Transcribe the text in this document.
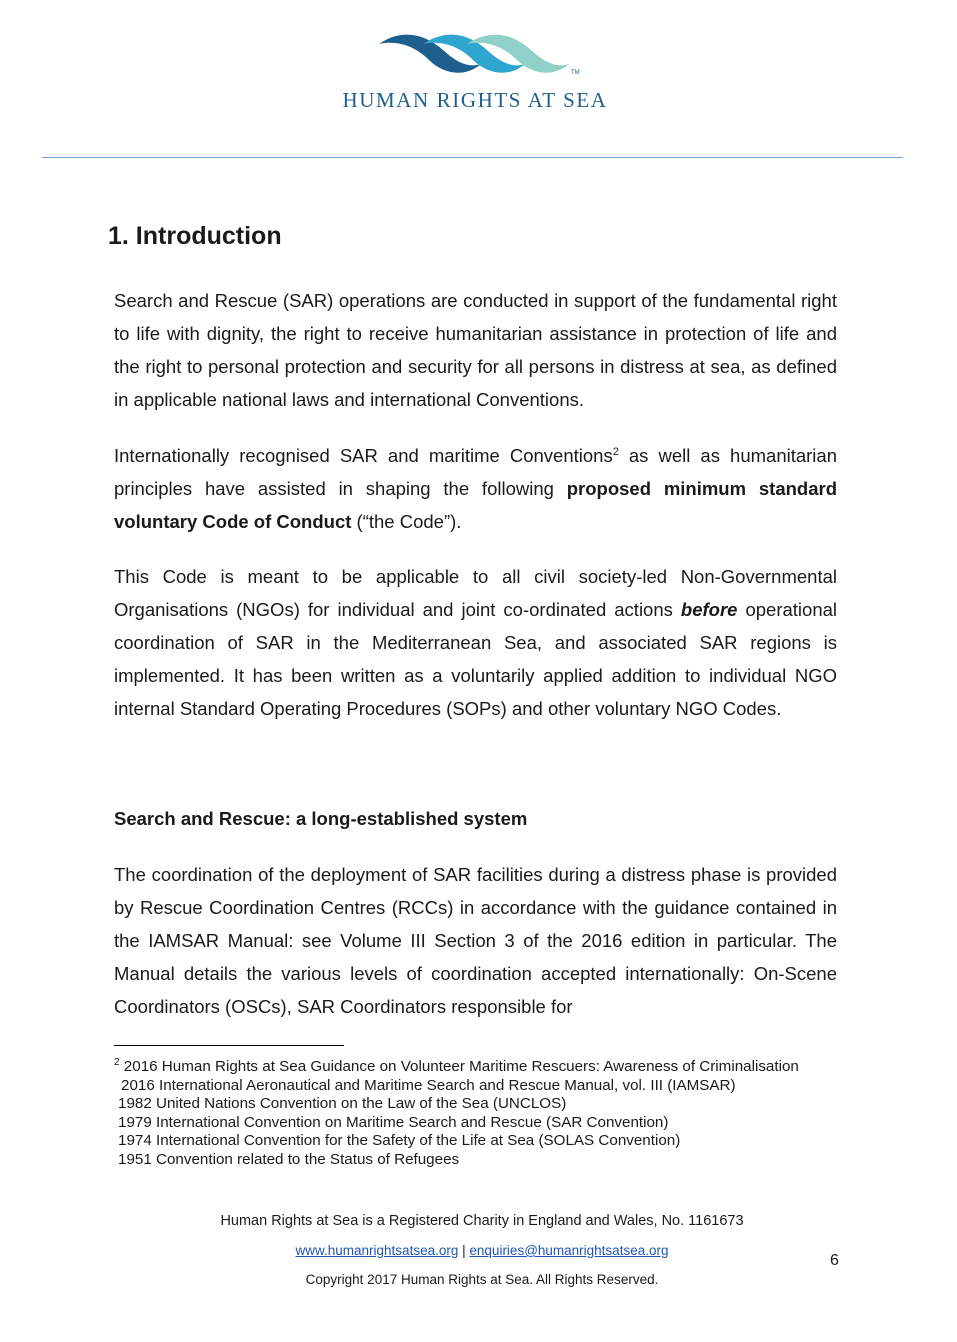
TM
HUMAN RIGHTS AT SEA
1. Introduction

Search and Rescue (SAR) operations are conducted in support of the fundamental right to life with dignity, the right to receive humanitarian assistance in protection of life and the right to personal protection and security for all persons in distress at sea, as defined in applicable national laws and international Conventions.

Internationally recognised SAR and maritime Conventions$^2$ as well as humanitarian principles have assisted in shaping the following proposed minimum standard voluntary Code of Conduct (“the Code”).

This Code is meant to be applicable to all civil society-led Non-Governmental Organisations (NGOs) for individual and joint co-ordinated actions before operational coordination of SAR in the Mediterranean Sea, and associated SAR regions is implemented. It has been written as a voluntarily applied addition to individual NGO internal Standard Operating Procedures (SOPs) and other voluntary NGO Codes.

Search and Rescue: a long-established system

The coordination of the deployment of SAR facilities during a distress phase is provided by Rescue Coordination Centres (RCCs) in accordance with the guidance contained in the IAMSAR Manual: see Volume III Section 3 of the 2016 edition in particular. The Manual details the various levels of coordination accepted internationally: On-Scene Coordinators (OSCs), SAR Coordinators responsible for

$^2$ 2016 Human Rights at Sea Guidance on Volunteer Maritime Rescuers: Awareness of Criminalisation
2016 International Aeronautical and Maritime Search and Rescue Manual, vol. III (IAMSAR)
1982 United Nations Convention on the Law of the Sea (UNCLOS)
1979 International Convention on Maritime Search and Rescue (SAR Convention)
1974 International Convention for the Safety of the Life at Sea (SOLAS Convention)
1951 Convention related to the Status of Refugees
Human Rights at Sea is a Registered Charity in England and Wales, No. 1161673
www.humanrightsatsea.org | enquiries@humanrightsatsea.org
Copyright 2017 Human Rights at Sea. All Rights Reserved.
6
